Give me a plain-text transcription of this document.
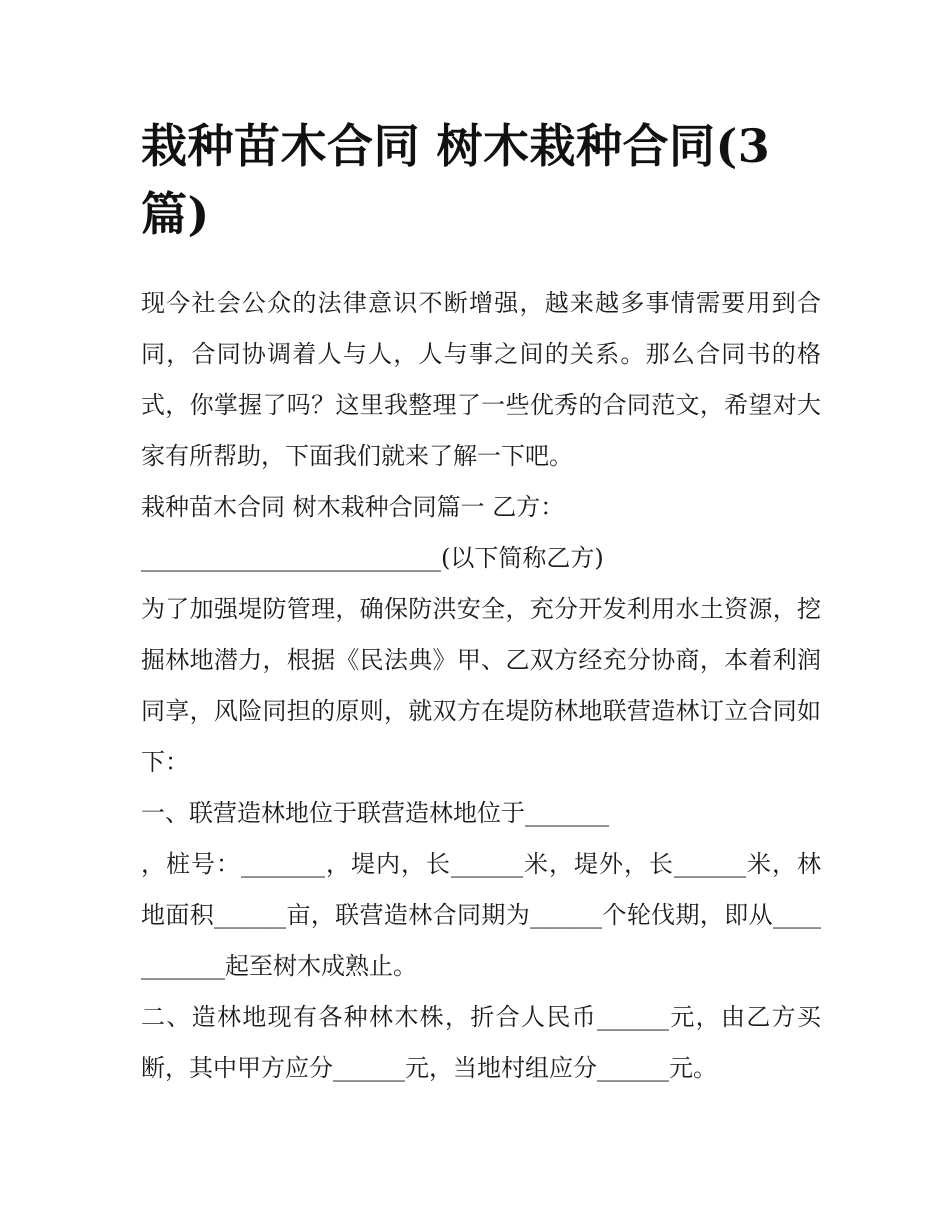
栽种苗木合同 树木栽种合同(3篇)

现今社会公众的法律意识不断增强，越来越多事情需要用到合同，合同协调着人与人，人与事之间的关系。那么合同书的格式，你掌握了吗？这里我整理了一些优秀的合同范文，希望对大家有所帮助，下面我们就来了解一下吧。

栽种苗木合同 树木栽种合同篇一 乙方：

_________________________(以下简称乙方)

为了加强堤防管理，确保防洪安全，充分开发利用水土资源，挖掘林地潜力，根据《民法典》甲、乙双方经充分协商，本着利润同享，风险同担的原则，就双方在堤防林地联营造林订立合同如下：

一、联营造林地位于联营造林地位于_______

，桩号：_______，堤内，长______米，堤外，长______米，林地面积______亩，联营造林合同期为______个轮伐期，即从___________起至树木成熟止。

二、造林地现有各种林木株，折合人民币______元，由乙方买断，其中甲方应分______元，当地村组应分______元。
